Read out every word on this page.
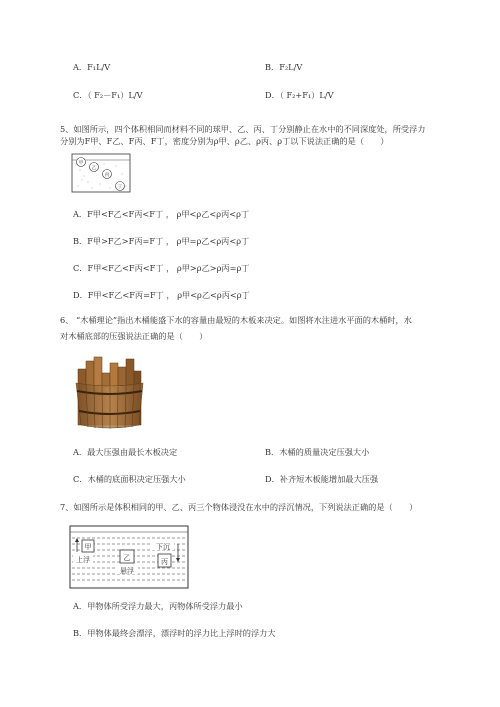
A．F₁L/V	B．F₂L/V
C．（ F₂－F₁）L/V	D．（ F₂+F₁）L/V
5、如图所示，四个体积相同而材料不同的球甲、乙、丙、丁分别静止在水中的不同深度处，所受浮力
分别为F甲、F乙、F丙、F丁，密度分别为ρ甲、ρ乙、ρ丙、ρ丁以下说法正确的是（　　）
甲
乙
丙
丁
A．F甲<F乙<F丙<F丁 ， ρ甲<ρ乙<ρ丙<ρ丁
B．F甲>F乙>F丙=F丁 ， ρ甲=ρ乙<ρ丙<ρ丁
C．F甲<F乙<F丙<F丁 ， ρ甲>ρ乙>ρ丙=ρ丁
D．F甲<F乙<F丙=F丁 ， ρ甲<ρ乙<ρ丙<ρ丁
6、 “木桶理论”指出木桶能盛下水的容量由最短的木板来决定。如图将水注进水平面的木桶时，水
对木桶底部的压强说法正确的是（　　）
A．最大压强由最长木板决定	B．木桶的质量决定压强大小
C．木桶的底面积决定压强大小	D．补齐短木板能增加最大压强
7、如图所示是体积相同的甲、乙、丙三个物体浸没在水中的浮沉情况，下列说法正确的是（　　）
甲
上浮	乙
悬浮
下沉
丙
A．甲物体所受浮力最大，丙物体所受浮力最小
B．甲物体最终会漂浮，漂浮时的浮力比上浮时的浮力大
